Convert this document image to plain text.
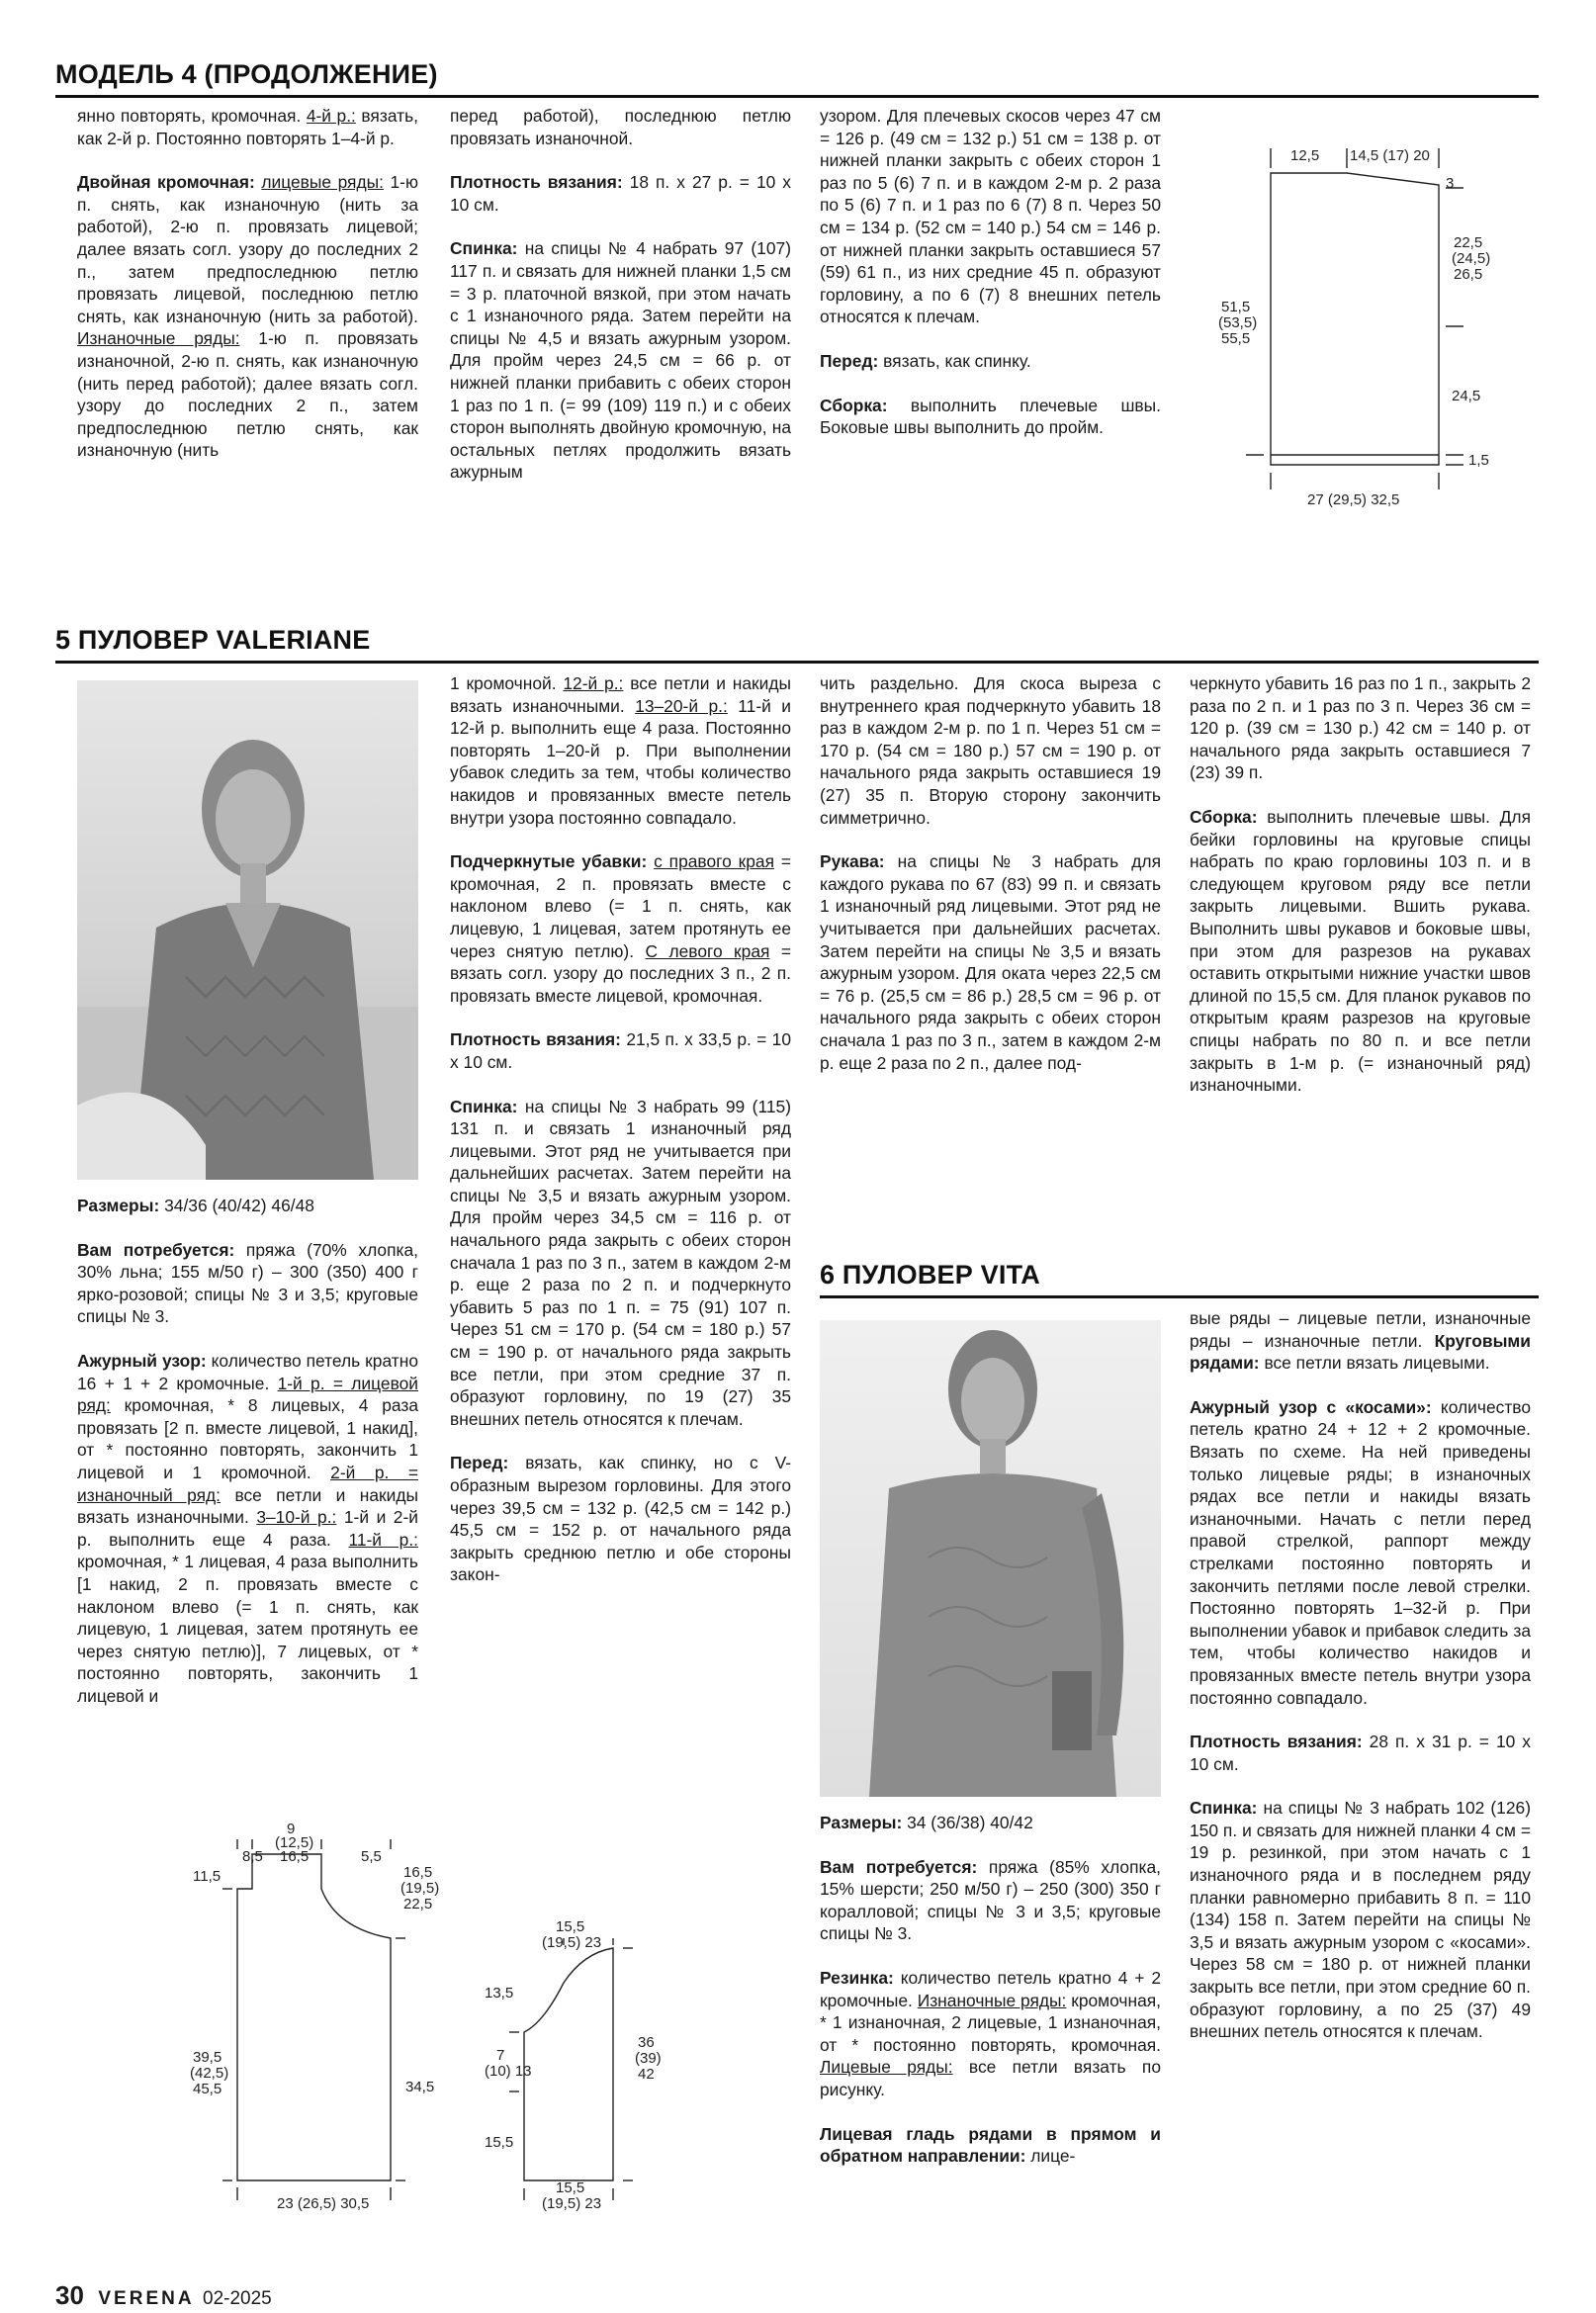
МОДЕЛЬ 4 (ПРОДОЛЖЕНИЕ)

янно повторять, кромочная. 4-й р.: вязать, как 2-й р. Постоянно повторять 1–4-й р.

Двойная кромочная: лицевые ряды: 1-ю п. снять, как изнаночную (нить за работой), 2-ю п. провязать лицевой; далее вязать согл. узору до последних 2 п., затем предпоследнюю петлю провязать лицевой, последнюю петлю снять, как изнаночную (нить за работой). Изнаночные ряды: 1-ю п. провязать изнаночной, 2-ю п. снять, как изнаночную (нить перед работой); далее вязать согл. узору до последних 2 п., затем предпоследнюю петлю снять, как изнаночную (нить

перед работой), последнюю петлю провязать изнаночной.

Плотность вязания: 18 п. х 27 р. = 10 х 10 см.

Спинка: на спицы № 4 набрать 97 (107) 117 п. и связать для нижней планки 1,5 см = 3 р. платочной вязкой, при этом начать с 1 изнаночного ряда. Затем перейти на спицы № 4,5 и вязать ажурным узором. Для пройм через 24,5 см = 66 р. от нижней планки прибавить с обеих сторон 1 раз по 1 п. (= 99 (109) 119 п.) и с обеих сторон выполнять двойную кромочную, на остальных петлях продолжить вязать ажурным

узором. Для плечевых скосов через 47 см = 126 р. (49 см = 132 р.) 51 см = 138 р. от нижней планки закрыть с обеих сторон 1 раз по 5 (6) 7 п. и в каждом 2-м р. 2 раза по 5 (6) 7 п. и 1 раз по 6 (7) 8 п. Через 50 см = 134 р. (52 см = 140 р.) 54 см = 146 р. от нижней планки закрыть оставшиеся 57 (59) 61 п., из них средние 45 п. образуют горловину, а по 6 (7) 8 внешних петель относятся к плечам.

Перед: вязать, как спинку.

Сборка: выполнить плечевые швы. Боковые швы выполнить до пройм.

12,5 14,5 (17) 20
3
22,5
(24,5)
26,5
51,5
(53,5)
55,5
24,5
1,5
27 (29,5) 32,5
5 ПУЛОВЕР VALERIANE

Размеры: 34/36 (40/42) 46/48

Вам потребуется: пряжа (70% хлопка, 30% льна; 155 м/50 г) – 300 (350) 400 г ярко-розовой; спицы № 3 и 3,5; круговые спицы № 3.

Ажурный узор: количество петель кратно 16 + 1 + 2 кромочные. 1-й р. = лицевой ряд: кромочная, * 8 лицевых, 4 раза провязать [2 п. вместе лицевой, 1 накид], от * постоянно повторять, закончить 1 лицевой и 1 кромочной. 2-й р. = изнаночный ряд: все петли и накиды вязать изнаночными. 3–10-й р.: 1-й и 2-й р. выполнить еще 4 раза. 11-й р.: кромочная, * 1 лицевая, 4 раза выполнить [1 накид, 2 п. провязать вместе с наклоном влево (= 1 п. снять, как лицевую, 1 лицевая, затем протянуть ее через снятую петлю)], 7 лицевых, от * постоянно повторять, закончить 1 лицевой и

1 кромочной. 12-й р.: все петли и накиды вязать изнаночными. 13–20-й р.: 11-й и 12-й р. выполнить еще 4 раза. Постоянно повторять 1–20-й р. При выполнении убавок следить за тем, чтобы количество накидов и провязанных вместе петель внутри узора постоянно совпадало.

Подчеркнутые убавки: с правого края = кромочная, 2 п. провязать вместе с наклоном влево (= 1 п. снять, как лицевую, 1 лицевая, затем протянуть ее через снятую петлю). С левого края = вязать согл. узору до последних 3 п., 2 п. провязать вместе лицевой, кромочная.

Плотность вязания: 21,5 п. х 33,5 р. = 10 х 10 см.

Спинка: на спицы № 3 набрать 99 (115) 131 п. и связать 1 изнаночный ряд лицевыми. Этот ряд не учитывается при дальнейших расчетах. Затем перейти на спицы № 3,5 и вязать ажурным узором. Для пройм через 34,5 см = 116 р. от начального ряда закрыть с обеих сторон сначала 1 раз по 3 п., затем в каждом 2-м р. еще 2 раза по 2 п. и подчеркнуто убавить 5 раз по 1 п. = 75 (91) 107 п. Через 51 см = 170 р. (54 см = 180 р.) 57 см = 190 р. от начального ряда закрыть все петли, при этом средние 37 п. образуют горловину, по 19 (27) 35 внешних петель относятся к плечам.

Перед: вязать, как спинку, но с V-образным вырезом горловины. Для этого через 39,5 см = 132 р. (42,5 см = 142 р.) 45,5 см = 152 р. от начального ряда закрыть среднюю петлю и обе стороны закон-

чить раздельно. Для скоса выреза с внутреннего края подчеркнуто убавить 18 раз в каждом 2-м р. по 1 п. Через 51 см = 170 р. (54 см = 180 р.) 57 см = 190 р. от начального ряда закрыть оставшиеся 19 (27) 35 п. Вторую сторону закончить симметрично.

Рукава: на спицы № 3 набрать для каждого рукава по 67 (83) 99 п. и связать 1 изнаночный ряд лицевыми. Этот ряд не учитывается при дальнейших расчетах. Затем перейти на спицы № 3,5 и вязать ажурным узором. Для оката через 22,5 см = 76 р. (25,5 см = 86 р.) 28,5 см = 96 р. от начального ряда закрыть с обеих сторон сначала 1 раз по 3 п., затем в каждом 2-м р. еще 2 раза по 2 п., далее под-

черкнуто убавить 16 раз по 1 п., закрыть 2 раза по 2 п. и 1 раз по 3 п. Через 36 см = 120 р. (39 см = 130 р.) 42 см = 140 р. от начального ряда закрыть оставшиеся 7 (23) 39 п.

Сборка: выполнить плечевые швы. Для бейки горловины на круговые спицы набрать по краю горловины 103 п. и в следующем круговом ряду все петли закрыть лицевыми. Вшить рукава. Выполнить швы рукавов и боковые швы, при этом для разрезов на рукавах оставить открытыми нижние участки швов длиной по 15,5 см. Для планок рукавов по открытым краям разрезов на круговые спицы набрать по 80 п. и все петли закрыть в 1-м р. (= изнаночный ряд) изнаночными.

9
(12,5)
16,5
8,5	5,5
11,5	16,5
(19,5)
22,5
39,5
(42,5)
45,5	34,5
23 (26,5) 30,5
15,5
(19,5) 23
13,5
7
(10) 13
15,5
36
(39)
42
15,5
(19,5) 23
6 ПУЛОВЕР VITA

Размеры: 34 (36/38) 40/42

Вам потребуется: пряжа (85% хлопка, 15% шерсти; 250 м/50 г) – 250 (300) 350 г коралловой; спицы № 3 и 3,5; круговые спицы № 3.

Резинка: количество петель кратно 4 + 2 кромочные. Изнаночные ряды: кромочная, * 1 изнаночная, 2 лицевые, 1 изнаночная, от * постоянно повторять, кромочная. Лицевые ряды: все петли вязать по рисунку.

Лицевая гладь рядами в прямом и обратном направлении: лице-

вые ряды – лицевые петли, изнаночные ряды – изнаночные петли. Круговыми рядами: все петли вязать лицевыми.

Ажурный узор с «косами»: количество петель кратно 24 + 12 + 2 кромочные. Вязать по схеме. На ней приведены только лицевые ряды; в изнаночных рядах все петли и накиды вязать изнаночными. Начать с петли перед правой стрелкой, раппорт между стрелками постоянно повторять и закончить петлями после левой стрелки. Постоянно повторять 1–32-й р. При выполнении убавок и прибавок следить за тем, чтобы количество накидов и провязанных вместе петель внутри узора постоянно совпадало.

Плотность вязания: 28 п. х 31 р. = 10 х 10 см.

Спинка: на спицы № 3 набрать 102 (126) 150 п. и связать для нижней планки 4 см = 19 р. резинкой, при этом начать с 1 изнаночного ряда и в последнем ряду планки равномерно прибавить 8 п. = 110 (134) 158 п. Затем перейти на спицы № 3,5 и вязать ажурным узором с «косами». Через 58 см = 180 р. от нижней планки закрыть все петли, при этом средние 60 п. образуют горловину, а по 25 (37) 49 внешних петель относятся к плечам.

30 VERENA 02-2025
